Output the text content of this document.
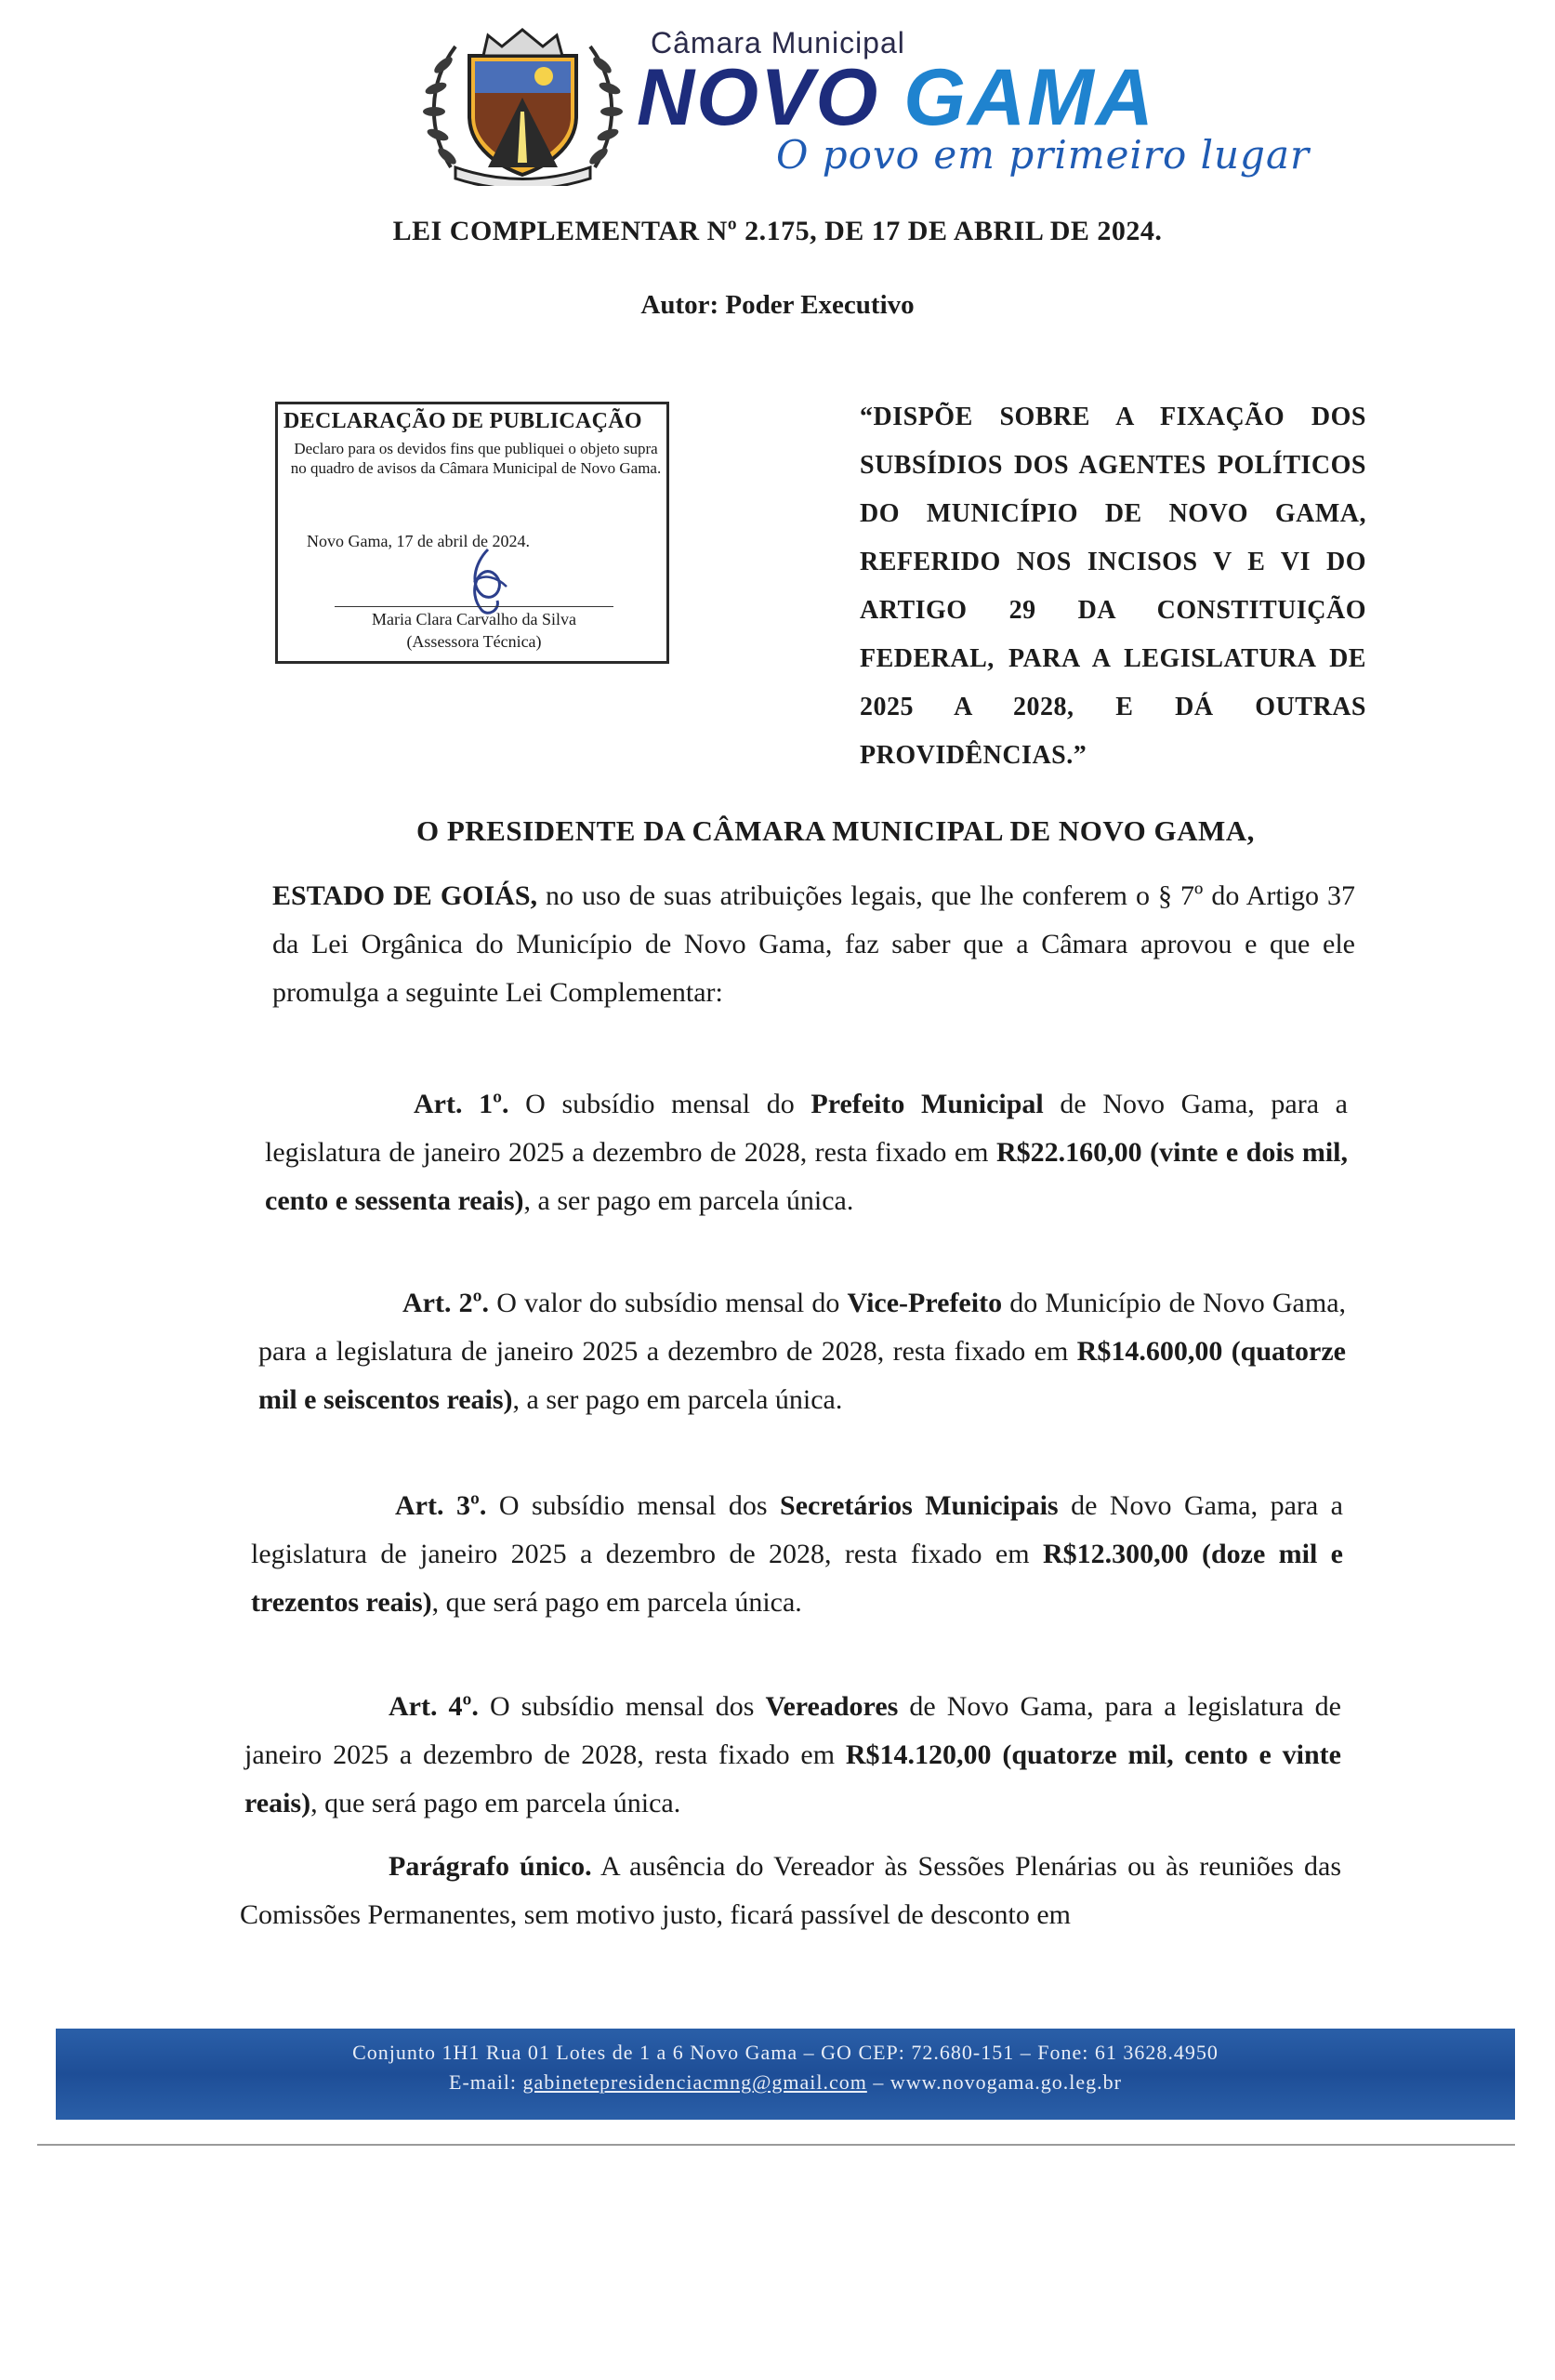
Câmara Municipal
NOVO GAMA
O povo em primeiro lugar
LEI COMPLEMENTAR Nº 2.175, DE 17 DE ABRIL DE 2024.
Autor: Poder Executivo
DECLARAÇÃO DE PUBLICAÇÃO
Declaro para os devidos fins que publiquei o objeto supra no quadro de avisos da Câmara Municipal de Novo Gama.
Novo Gama, 17 de abril de 2024.
Maria Clara Carvalho da Silva
(Assessora Técnica)
“DISPÕE SOBRE A FIXAÇÃO DOS SUBSÍDIOS DOS AGENTES POLÍTICOS DO MUNICÍPIO DE NOVO GAMA, REFERIDO NOS INCISOS V E VI DO ARTIGO 29 DA CONSTITUIÇÃO FEDERAL, PARA A LEGISLATURA DE 2025 A 2028, E DÁ OUTRAS PROVIDÊNCIAS.”
O PRESIDENTE DA CÂMARA MUNICIPAL DE NOVO GAMA,
ESTADO DE GOIÁS, no uso de suas atribuições legais, que lhe conferem o § 7º do Artigo 37 da Lei Orgânica do Município de Novo Gama, faz saber que a Câmara aprovou e que ele promulga a seguinte Lei Complementar:
Art. 1º. O subsídio mensal do Prefeito Municipal de Novo Gama, para a legislatura de janeiro 2025 a dezembro de 2028, resta fixado em R$22.160,00 (vinte e dois mil, cento e sessenta reais), a ser pago em parcela única.
Art. 2º. O valor do subsídio mensal do Vice-Prefeito do Município de Novo Gama, para a legislatura de janeiro 2025 a dezembro de 2028, resta fixado em R$14.600,00 (quatorze mil e seiscentos reais), a ser pago em parcela única.
Art. 3º. O subsídio mensal dos Secretários Municipais de Novo Gama, para a legislatura de janeiro 2025 a dezembro de 2028, resta fixado em R$12.300,00 (doze mil e trezentos reais), que será pago em parcela única.
Art. 4º. O subsídio mensal dos Vereadores de Novo Gama, para a legislatura de janeiro 2025 a dezembro de 2028, resta fixado em R$14.120,00 (quatorze mil, cento e vinte reais), que será pago em parcela única.
Parágrafo único. A ausência do Vereador às Sessões Plenárias ou às reuniões das Comissões Permanentes, sem motivo justo, ficará passível de desconto em
Conjunto 1H1 Rua 01 Lotes de 1 a 6 Novo Gama – GO CEP: 72.680-151 – Fone: 61 3628.4950
E-mail: gabinetepresidenciacmng@gmail.com – www.novogama.go.leg.br
